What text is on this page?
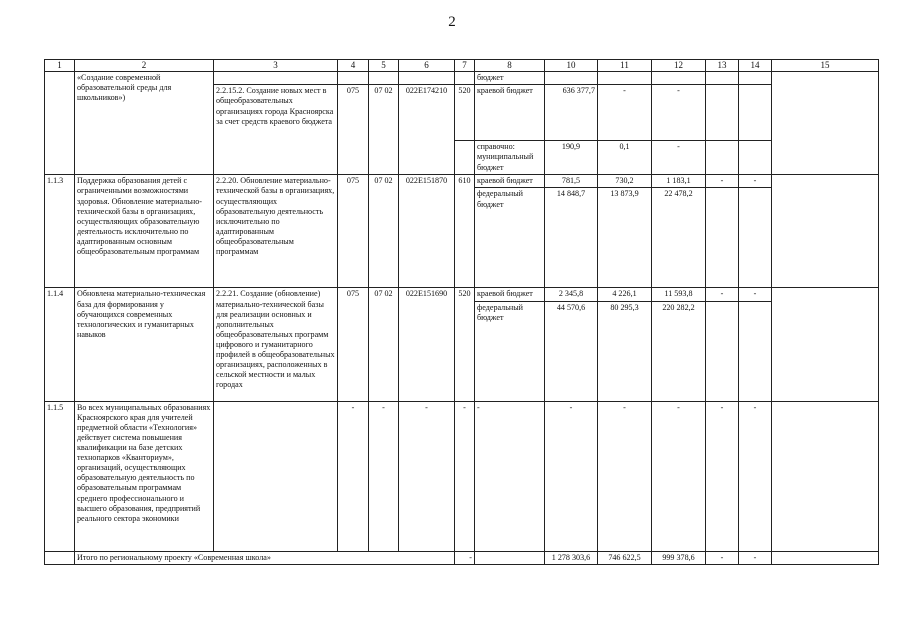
2
1	2	3	4	5	6	7	8	10	11	12	13	14	15
	«Создание современной образовательной среды для школьников»)						бюджет						
		2.2.15.2. Создание новых мест в общеобразовательных организациях города Красноярска за счет средств краевого бюджета	075	07 02	022E174210	520	краевой бюджет	636 377,7	-	-			
							справочно: муниципальный бюджет	190,9	0,1	-			
1.1.3	Поддержка образования детей с ограниченными возможностями здоровья. Обновление материально-технической базы в организациях, осуществляющих образовательную деятельность исключительно по адаптированным основным общеобразовательным программам	2.2.20. Обновление материально-технической базы в организациях, осуществляющих образовательную деятельность исключительно по адаптированным общеобразовательным программам	075	07 02	022E151870	610	краевой бюджет	781,5	730,2	1 183,1	-	-	
							федеральный бюджет	14 848,7	13 873,9	22 478,2			
1.1.4	Обновлена материально-техническая база для формирования у обучающихся современных технологических и гуманитарных навыков	2.2.21. Создание (обновление) материально-технической базы для реализации основных и дополнительных общеобразовательных программ цифрового и гуманитарного профилей в общеобразовательных организациях, расположенных в сельской местности и малых городах	075	07 02	022E151690	520	краевой бюджет	2 345,8	4 226,1	11 593,8	-	-	
							федеральный бюджет	44 570,6	80 295,3	220 282,2			
1.1.5	Во всех муниципальных образованиях Красноярского края для учителей предметной области «Технология» действует система повышения квалификации на базе детских технопарков «Кванториум», организаций, осуществляющих образовательную деятельность по образовательным программам среднего профессионального и высшего образования, предприятий реального сектора экономики		-	-	-	-	-	-	-	-	-	-	
	Итого по региональному проекту «Современная школа»					-		1 278 303,6	746 622,5	999 378,6	-	-	
